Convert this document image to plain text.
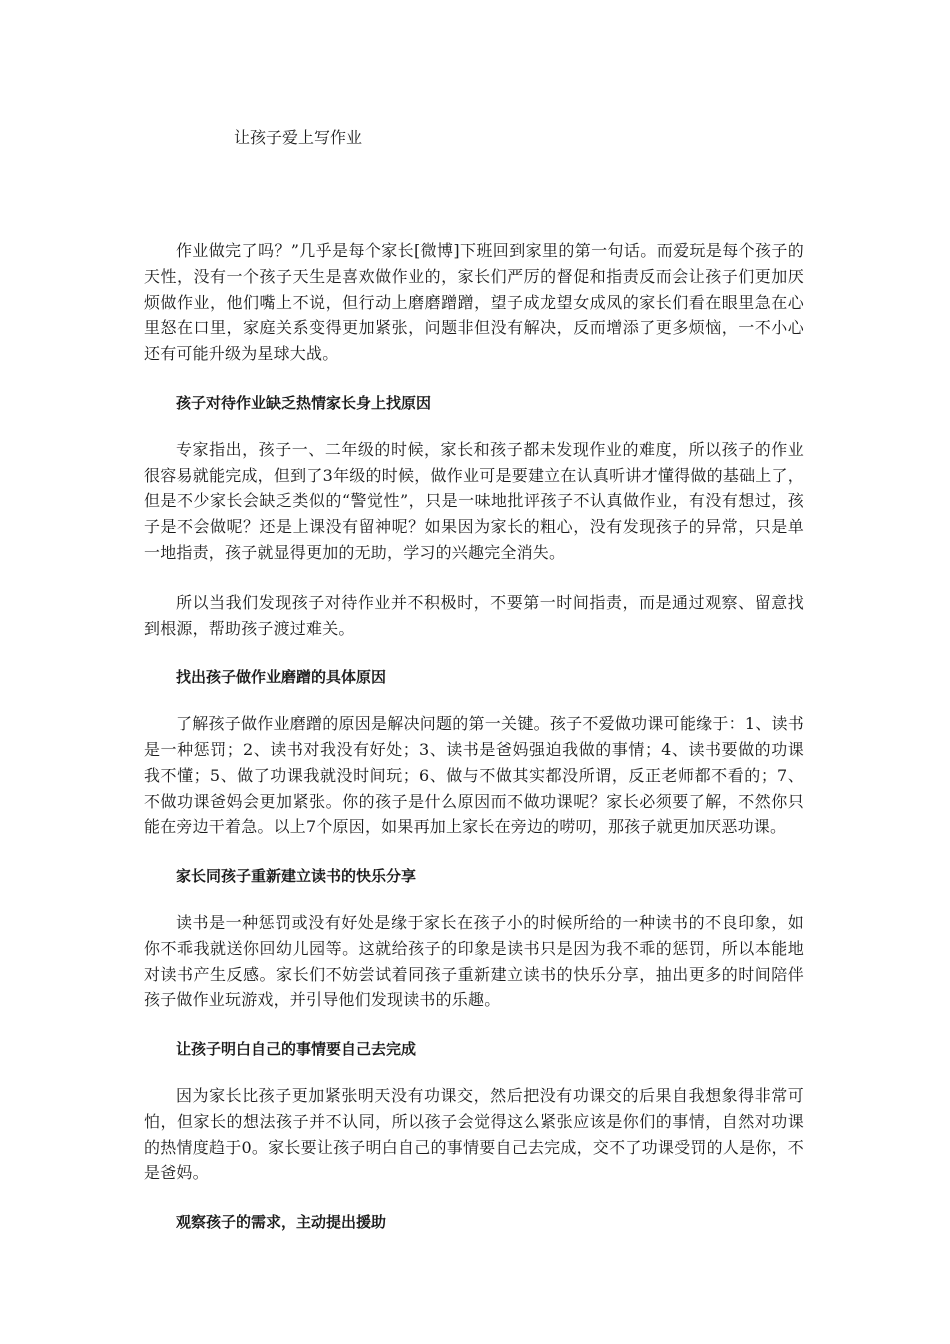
让孩子爱上写作业

作业做完了吗？”几乎是每个家长[微博]下班回到家里的第一句话。而爱玩是每个孩子的天性，没有一个孩子天生是喜欢做作业的，家长们严厉的督促和指责反而会让孩子们更加厌烦做作业，他们嘴上不说，但行动上磨磨蹭蹭，望子成龙望女成凤的家长们看在眼里急在心里怒在口里，家庭关系变得更加紧张，问题非但没有解决，反而增添了更多烦恼，一不小心还有可能升级为星球大战。

孩子对待作业缺乏热情家长身上找原因

专家指出，孩子一、二年级的时候，家长和孩子都未发现作业的难度，所以孩子的作业很容易就能完成，但到了3年级的时候，做作业可是要建立在认真听讲才懂得做的基础上了，但是不少家长会缺乏类似的“警觉性”，只是一味地批评孩子不认真做作业，有没有想过，孩子是不会做呢？还是上课没有留神呢？如果因为家长的粗心，没有发现孩子的异常，只是单一地指责，孩子就显得更加的无助，学习的兴趣完全消失。

所以当我们发现孩子对待作业并不积极时，不要第一时间指责，而是通过观察、留意找到根源，帮助孩子渡过难关。

找出孩子做作业磨蹭的具体原因

了解孩子做作业磨蹭的原因是解决问题的第一关键。孩子不爱做功课可能缘于：1、读书是一种惩罚；2、读书对我没有好处；3、读书是爸妈强迫我做的事情；4、读书要做的功课我不懂；5、做了功课我就没时间玩；6、做与不做其实都没所谓，反正老师都不看的；7、不做功课爸妈会更加紧张。你的孩子是什么原因而不做功课呢？家长必须要了解，不然你只能在旁边干着急。以上7个原因，如果再加上家长在旁边的唠叨，那孩子就更加厌恶功课。

家长同孩子重新建立读书的快乐分享

读书是一种惩罚或没有好处是缘于家长在孩子小的时候所给的一种读书的不良印象，如你不乖我就送你回幼儿园等。这就给孩子的印象是读书只是因为我不乖的惩罚，所以本能地对读书产生反感。家长们不妨尝试着同孩子重新建立读书的快乐分享，抽出更多的时间陪伴孩子做作业玩游戏，并引导他们发现读书的乐趣。

让孩子明白自己的事情要自己去完成

因为家长比孩子更加紧张明天没有功课交，然后把没有功课交的后果自我想象得非常可怕，但家长的想法孩子并不认同，所以孩子会觉得这么紧张应该是你们的事情，自然对功课的热情度趋于0。家长要让孩子明白自己的事情要自己去完成，交不了功课受罚的人是你，不是爸妈。

观察孩子的需求，主动提出援助
